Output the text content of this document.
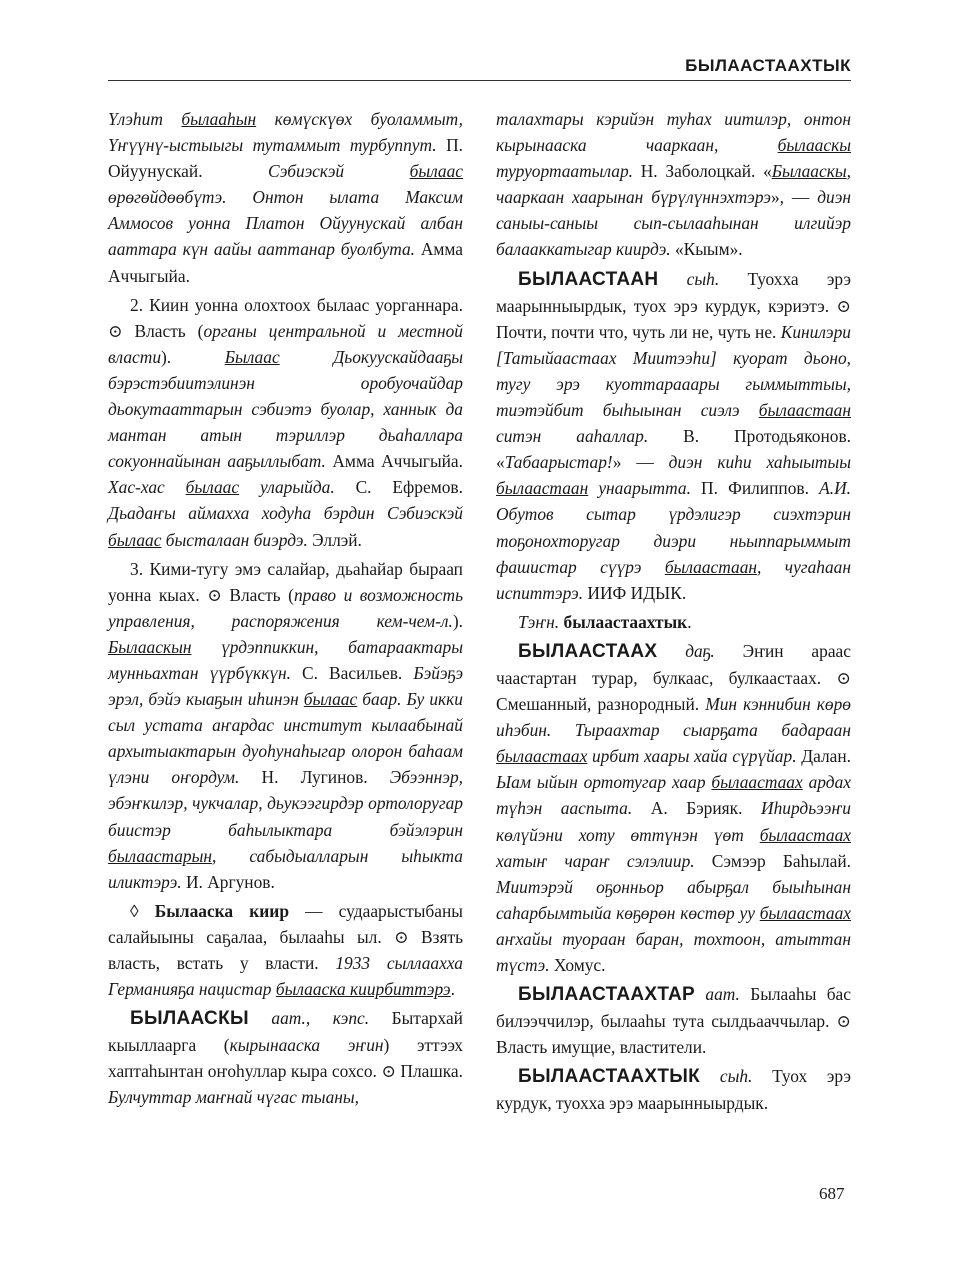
БЫЛААСТААХТЫК

Үлэһит былааһын көмүскүөх буоламмыт, Үҥүүнү-ыстыыгы тутаммыт турбуппут. П. Ойуунускай. Сэбиэскэй былаас өрөгөйдөөбүтэ. Онтон ылата Максим Аммосов уонна Платон Ойуунускай албан ааттара күн аайы ааттанар буолбута. Амма Аччыгыйа.

2. Киин уонна олохтоох былаас уорганнара. ⊙ Власть (органы центральной и местной власти). Былаас Дьокуускайдааҕы бэрэстэбиитэлинэн оробуочайдар дьокутааттарын сэбиэтэ буолар, ханнык да мантан атын тэриллэр дьаһаллара сокуоннайынан ааҕыллыбат. Амма Аччыгыйа. Хас-хас былаас уларыйда. С. Ефремов. Дьадаҥы аймахха ходуһа бэрдин Сэбиэскэй былаас бысталаан биэрдэ. Эллэй.

3. Кими-тугу эмэ салайар, дьаһайар быраап уонна кыах. ⊙ Власть (право и возможность управления, распоряжения кем-чем-л.). Былааскын үрдэппиккин, батараактары мунньахтан үүрбүккүн. С. Васильев. Бэйэҕэ эрэл, бэйэ кыаҕын иһинэн былаас баар. Бу икки сыл устата аҥардас институт кылаабынай архытыактарын дуоһунаһыгар олорон баһаам үлэни оҥордум. Н. Лугинов. Эбээннэр, эбэҥкилэр, чукчалар, дьукээгирдэр ортолоругар биистэр баһылыктара бэйэлэрин былаастарын, сабыдыалларын ыһыкта иликтэрэ. И. Аргунов.

◊ Былааска киир — судаарыстыбаны салайыыны саҕалаа, былааһы ыл. ⊙ Взять власть, встать у власти. 1933 сыллаахха Германияҕа нацистар былааска киирбиттэрэ.

БЫЛААСКЫ аат., кэпс. Бытархай кыыллаарга (кырынааска эҥин) эттээх хаптаһынтан оҥоһуллар кыра сохсо. ⊙ Плашка. Булчуттар маҥнай чүгас тыаны,

талахтары кэрийэн туһах иитилэр, онтон кырынааска чааркаан, былааскы туруортаатылар. Н. Заболоцкай. «Былааскы, чааркаан хаарынан бүрүлүннэхтэрэ», — диэн саныы-саныы сып-сылааһынан илгийэр балааккатыгар киирдэ. «Кыым».

БЫЛААСТААН сыһ. Туохха эрэ маарынныырдык, туох эрэ курдук, кэриэтэ. ⊙ Почти, почти что, чуть ли не, чуть не. Кинилэри [Татыйаастаах Миитээһи] куорат дьоно, тугу эрэ куоттарааары гыммыттыы, тиэтэйбит быһыынан сиэлэ былаастаан ситэн ааһаллар. В. Протодьяконов. «Табаарыстар!» — диэн киһи хаһыытыы былаастаан унаарытта. П. Филиппов. А.И. Обутов сытар үрдэлигэр сиэхтэрин тоҕонохторугар диэри ньыппарыммыт фашистар сүүрэ былаастаан, чугаһаан испиттэрэ. ИИФ ИДЫК.

Тэҥн. былаастаахтык.

БЫЛААСТААХ даҕ. Эҥин араас чаастартан турар, булкаас, булкаастаах. ⊙ Смешанный, разнородный. Мин кэннибин көрө иһэбин. Тыраахтар сыарҕата бадараан былаастаах ирбит хаары хайа сүрүйар. Далан. Ыам ыйын ортотугар хаар былаастаах ардах түһэн ааспыта. А. Бэрияк. Иһирдьээҥи көлүйэни хоту өттүнэн үөт былаастаах хатыҥ чараҥ сэлэлиир. Сэмээр Баһылай. Миитэрэй оҕонньор абырҕал быыһынан саһарбымтыйа көҕөрөн көстөр уу былаастаах аҥхайы туораан баран, тохтоон, атыттан түстэ. Хомус.

БЫЛААСТААХТАР аат. Былааһы бас билээччилэр, былааһы тута сылдьааччылар. ⊙ Власть имущие, властители.

БЫЛААСТААХТЫК сыһ. Туох эрэ курдук, туохха эрэ маарынныырдык.

687
